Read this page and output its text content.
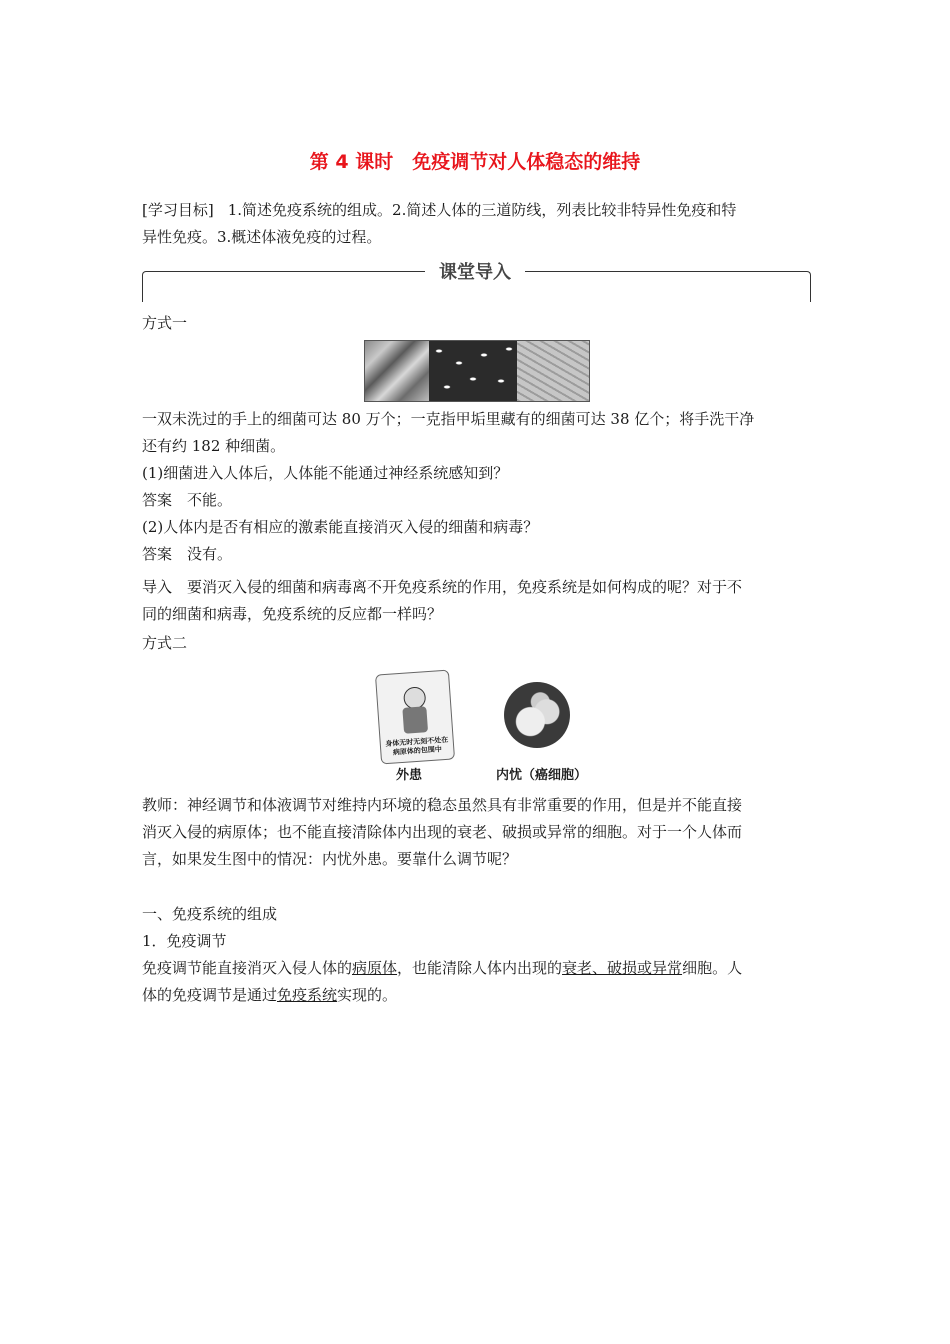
第 4 课时　免疫调节对人体稳态的维持
[学习目标] 1.简述免疫系统的组成。2.简述人体的三道防线，列表比较非特异性免疫和特
异性免疫。3.概述体液免疫的过程。
课堂导入
方式一
一双未洗过的手上的细菌可达 80 万个；一克指甲垢里藏有的细菌可达 38 亿个；将手洗干净
还有约 182 种细菌。
(1)细菌进入人体后，人体能不能通过神经系统感知到？
答案　不能。
(2)人体内是否有相应的激素能直接消灭入侵的细菌和病毒？
答案　没有。
导入　要消灭入侵的细菌和病毒离不开免疫系统的作用，免疫系统是如何构成的呢？对于不
同的细菌和病毒，免疫系统的反应都一样吗？
方式二
身体无时无刻不处在病原体的包围中
外患	内忧（癌细胞）
教师：神经调节和体液调节对维持内环境的稳态虽然具有非常重要的作用，但是并不能直接
消灭入侵的病原体；也不能直接清除体内出现的衰老、破损或异常的细胞。对于一个人体而
言，如果发生图中的情况：内忧外患。要靠什么调节呢？
一、免疫系统的组成
1．免疫调节
免疫调节能直接消灭入侵人体的病原体，也能清除人体内出现的衰老、破损或异常细胞。人
体的免疫调节是通过免疫系统实现的。
